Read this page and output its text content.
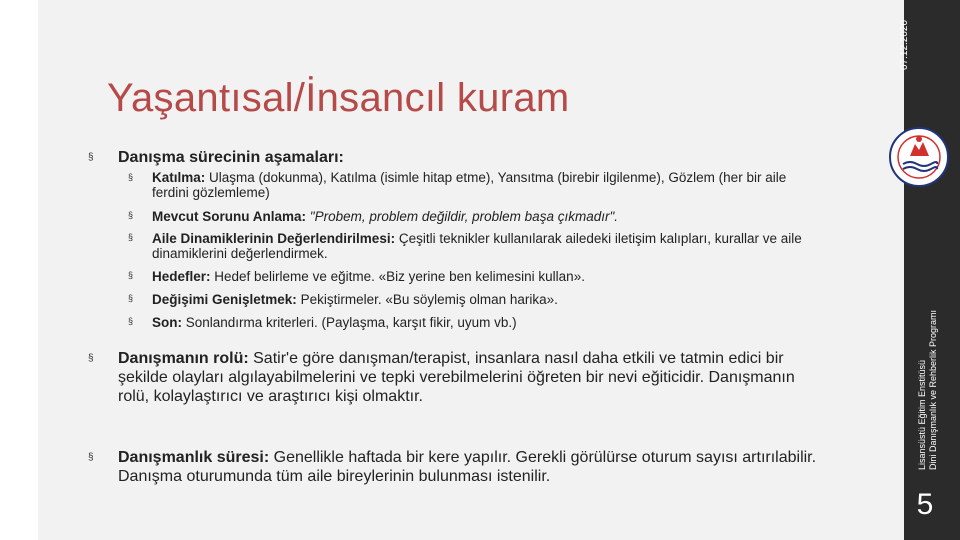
07.12.2020
Lisansüstü Eğitim Enstitüsü Dini Danışmanlık ve Rehberlik Programı
5
Yaşantısal/İnsancıl kuram
§ Danışma sürecinin aşamaları:
§ Katılma: Ulaşma (dokunma), Katılma (isimle hitap etme), Yansıtma (birebir ilgilenme), Gözlem (her bir aile ferdini gözlemleme)
§ Mevcut Sorunu Anlama: "Probem, problem değildir, problem başa çıkmadır".
§ Aile Dinamiklerinin Değerlendirilmesi: Çeşitli teknikler kullanılarak ailedeki iletişim kalıpları, kurallar ve aile dinamiklerini değerlendirmek.
§ Hedefler: Hedef belirleme ve eğitme. «Biz yerine ben kelimesini kullan».
§ Değişimi Genişletmek: Pekiştirmeler. «Bu söylemiş olman harika».
§ Son: Sonlandırma kriterleri. (Paylaşma, karşıt fikir, uyum vb.)
§ Danışmanın rolü: Satir'e göre danışman/terapist, insanlara nasıl daha etkili ve tatmin edici bir şekilde olayları algılayabilmelerini ve tepki verebilmelerini öğreten bir nevi eğiticidir. Danışmanın rolü, kolaylaştırıcı ve araştırıcı kişi olmaktır.
§ Danışmanlık süresi: Genellikle haftada bir kere yapılır. Gerekli görülürse oturum sayısı artırılabilir. Danışma oturumunda tüm aile bireylerinin bulunması istenilir.
